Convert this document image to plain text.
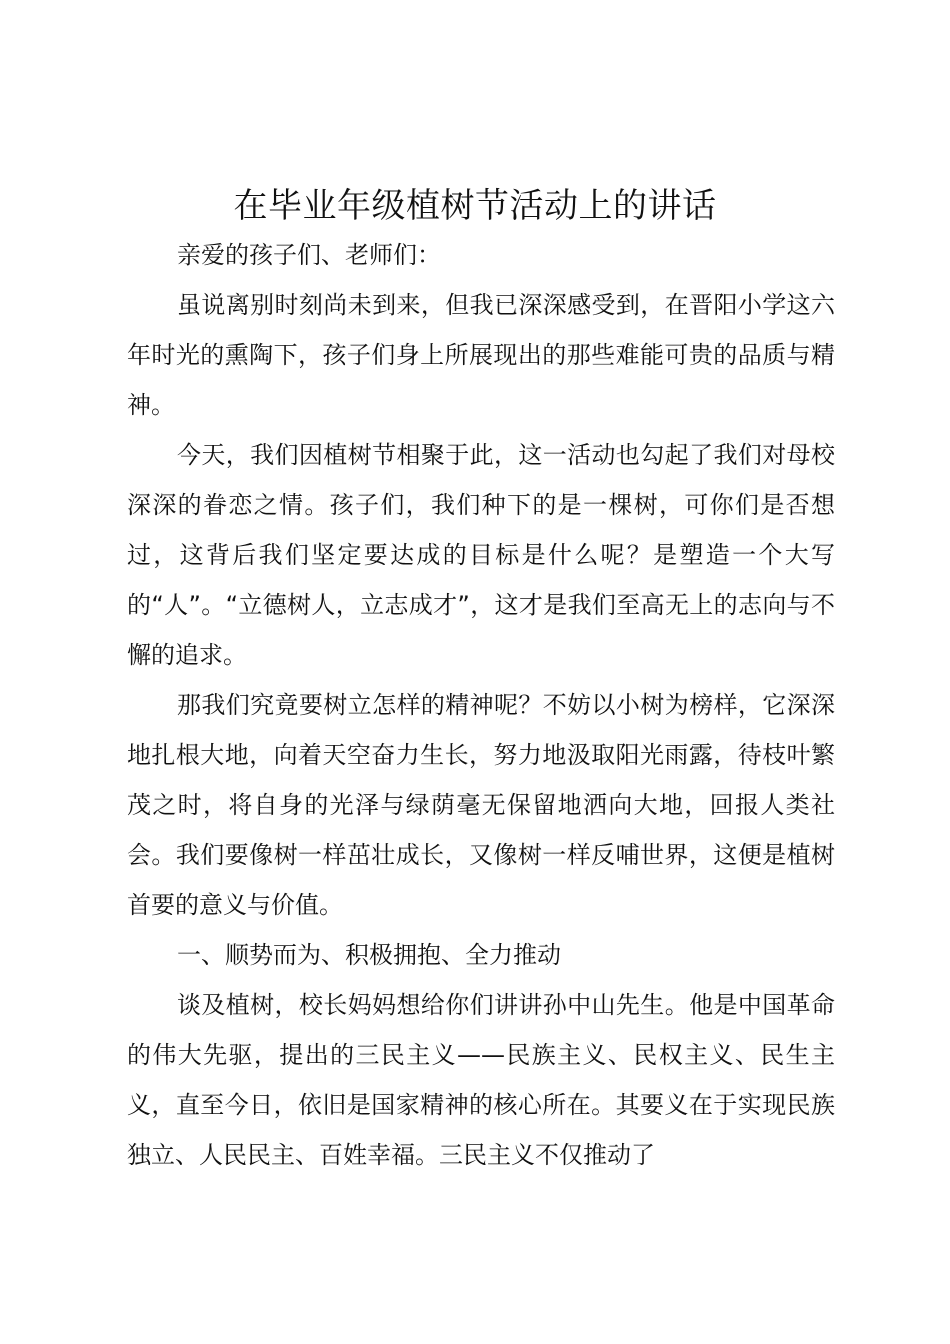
在毕业年级植树节活动上的讲话

亲爱的孩子们、老师们：

虽说离别时刻尚未到来，但我已深深感受到，在晋阳小学这六年时光的熏陶下，孩子们身上所展现出的那些难能可贵的品质与精神。

今天，我们因植树节相聚于此，这一活动也勾起了我们对母校深深的眷恋之情。孩子们，我们种下的是一棵树，可你们是否想过，这背后我们坚定要达成的目标是什么呢？是塑造一个大写的“人”。“立德树人，立志成才”，这才是我们至高无上的志向与不懈的追求。

那我们究竟要树立怎样的精神呢？不妨以小树为榜样，它深深地扎根大地，向着天空奋力生长，努力地汲取阳光雨露，待枝叶繁茂之时，将自身的光泽与绿荫毫无保留地洒向大地，回报人类社会。我们要像树一样茁壮成长，又像树一样反哺世界，这便是植树首要的意义与价值。

一、顺势而为、积极拥抱、全力推动

谈及植树，校长妈妈想给你们讲讲孙中山先生。他是中国革命的伟大先驱，提出的三民主义——民族主义、民权主义、民生主义，直至今日，依旧是国家精神的核心所在。其要义在于实现民族独立、人民民主、百姓幸福。三民主义不仅推动了
